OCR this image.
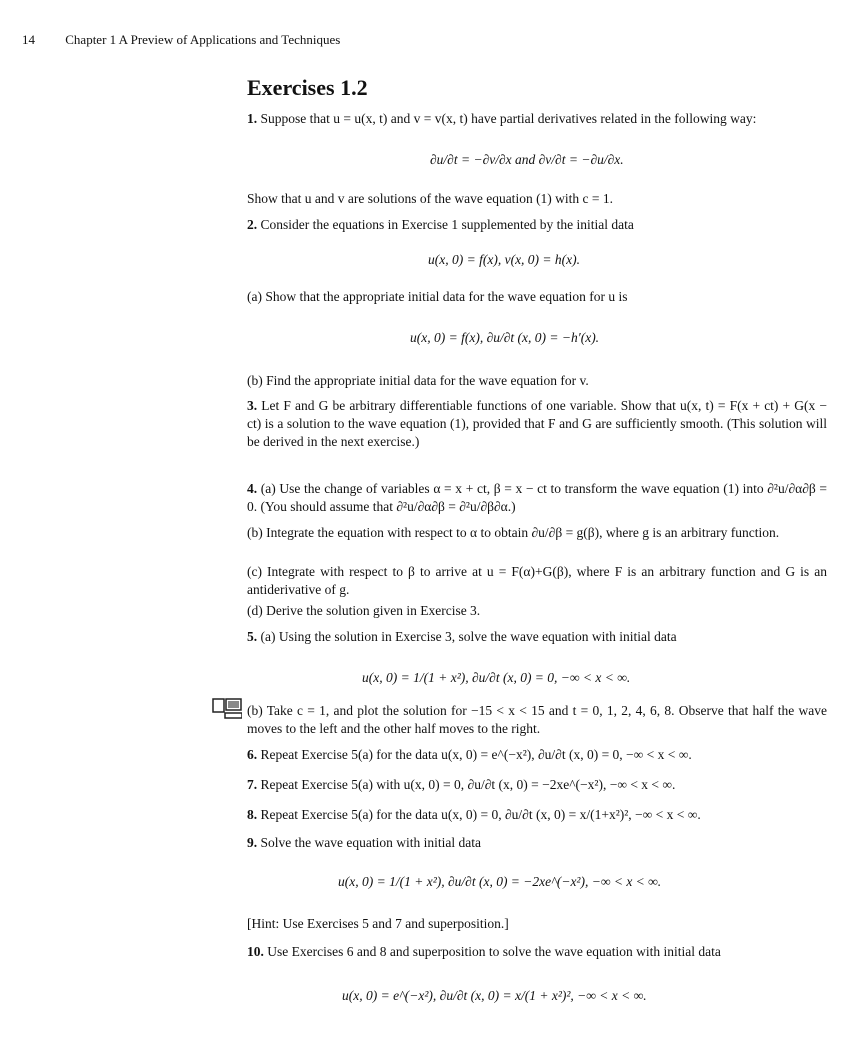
14 Chapter 1 A Preview of Applications and Techniques
Exercises 1.2
1. Suppose that u = u(x, t) and v = v(x, t) have partial derivatives related in the following way:
∂u/∂t = −∂v/∂x and ∂v/∂t = −∂u/∂x.
Show that u and v are solutions of the wave equation (1) with c = 1.
2. Consider the equations in Exercise 1 supplemented by the initial data
u(x, 0) = f(x), v(x, 0) = h(x).
(a) Show that the appropriate initial data for the wave equation for u is
u(x, 0) = f(x), ∂u/∂t (x, 0) = −h′(x).
(b) Find the appropriate initial data for the wave equation for v.
3. Let F and G be arbitrary differentiable functions of one variable. Show that u(x, t) = F(x + ct) + G(x − ct) is a solution to the wave equation (1), provided that F and G are sufficiently smooth. (This solution will be derived in the next exercise.)
4. (a) Use the change of variables α = x + ct, β = x − ct to transform the wave equation (1) into ∂²u/∂α∂β = 0. (You should assume that ∂²u/∂α∂β = ∂²u/∂β∂α.)
(b) Integrate the equation with respect to α to obtain ∂u/∂β = g(β), where g is an arbitrary function.
(c) Integrate with respect to β to arrive at u = F(α)+G(β), where F is an arbitrary function and G is an antiderivative of g.
(d) Derive the solution given in Exercise 3.
5. (a) Using the solution in Exercise 3, solve the wave equation with initial data
u(x, 0) = 1/(1 + x²), ∂u/∂t (x, 0) = 0, −∞ < x < ∞.
(b) Take c = 1, and plot the solution for −15 < x < 15 and t = 0, 1, 2, 4, 6, 8. Observe that half the wave moves to the left and the other half moves to the right.
6. Repeat Exercise 5(a) for the data u(x, 0) = e^(−x²), ∂u/∂t (x, 0) = 0, −∞ < x < ∞.
7. Repeat Exercise 5(a) with u(x, 0) = 0, ∂u/∂t (x, 0) = −2xe^(−x²), −∞ < x < ∞.
8. Repeat Exercise 5(a) for the data u(x, 0) = 0, ∂u/∂t (x, 0) = x/(1+x²)², −∞ < x < ∞.
9. Solve the wave equation with initial data
u(x, 0) = 1/(1 + x²), ∂u/∂t (x, 0) = −2xe^(−x²), −∞ < x < ∞.
[Hint: Use Exercises 5 and 7 and superposition.]
10. Use Exercises 6 and 8 and superposition to solve the wave equation with initial data
u(x, 0) = e^(−x²), ∂u/∂t (x, 0) = x/(1 + x²)², −∞ < x < ∞.
